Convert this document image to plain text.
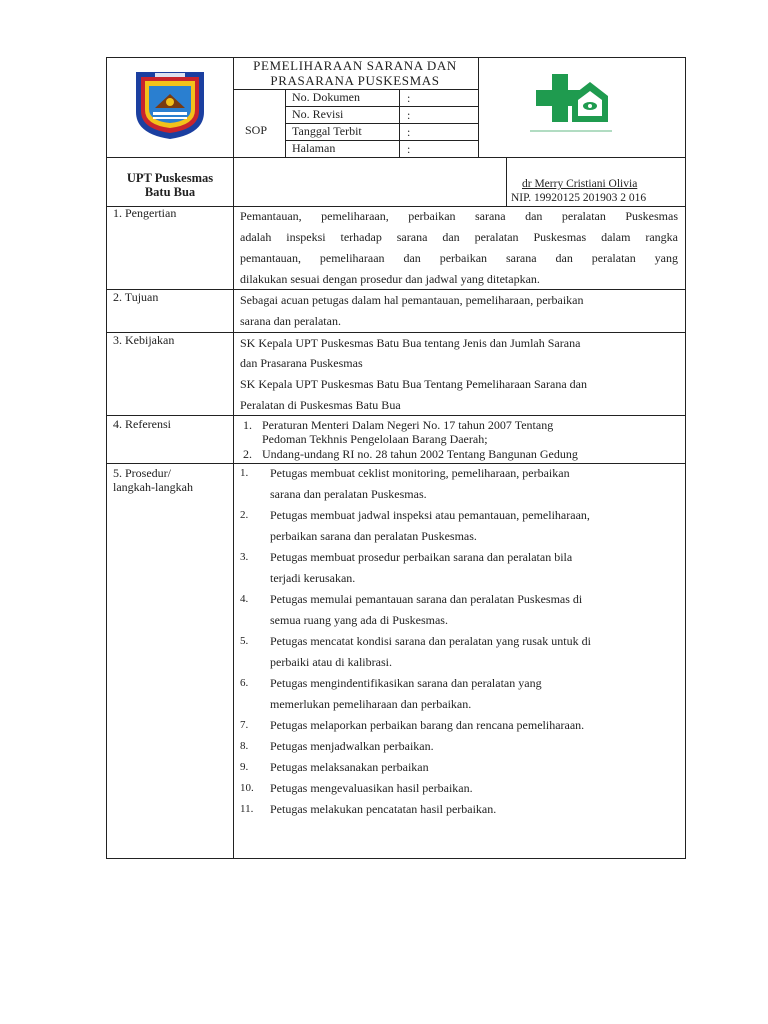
PEMELIHARAAN SARANA DAN
PRASARANA PUSKESMAS
SOP
No. Dokumen	:
No. Revisi	:
Tanggal Terbit	:
Halaman	:
UPT Puskesmas
Batu Bua
dr Merry Cristiani Olivia
NIP. 19920125 201903 2 016
1. Pengertian	Pemantauan, pemeliharaan, perbaikan sarana dan peralatan Puskesmas
adalah inspeksi terhadap sarana dan peralatan Puskesmas dalam rangka
pemantauan, pemeliharaan dan perbaikan sarana dan peralatan yang
dilakukan sesuai dengan prosedur dan jadwal yang ditetapkan.
2. Tujuan	Sebagai acuan petugas dalam hal pemantauan, pemeliharaan, perbaikan
sarana dan peralatan.
3. Kebijakan	SK Kepala UPT Puskesmas Batu Bua tentang Jenis dan Jumlah Sarana
dan Prasarana Puskesmas
SK Kepala UPT Puskesmas Batu Bua Tentang Pemeliharaan Sarana dan
Peralatan di Puskesmas Batu Bua
4. Referensi	1. Peraturan Menteri Dalam Negeri No. 17 tahun 2007 Tentang
Pedoman Tekhnis Pengelolaan Barang Daerah;
2. Undang-undang RI no. 28 tahun 2002 Tentang Bangunan Gedung
5. Prosedur/
langkah-langkah
1.	Petugas membuat ceklist monitoring, pemeliharaan, perbaikan
sarana dan peralatan Puskesmas.
2.	Petugas membuat jadwal inspeksi atau pemantauan, pemeliharaan,
perbaikan sarana dan peralatan Puskesmas.
3.	Petugas membuat prosedur perbaikan sarana dan peralatan bila
terjadi kerusakan.
4.	Petugas memulai pemantauan sarana dan peralatan Puskesmas di
semua ruang yang ada di Puskesmas.
5.	Petugas mencatat kondisi sarana dan peralatan yang rusak untuk di
perbaiki atau di kalibrasi.
6.	Petugas mengindentifikasikan sarana dan peralatan yang
memerlukan pemeliharaan dan perbaikan.
7.	Petugas melaporkan perbaikan barang dan rencana pemeliharaan.
8.	Petugas menjadwalkan perbaikan.
9.	Petugas melaksanakan perbaikan
10.	Petugas mengevaluasikan hasil perbaikan.
11.	Petugas melakukan pencatatan hasil perbaikan.
